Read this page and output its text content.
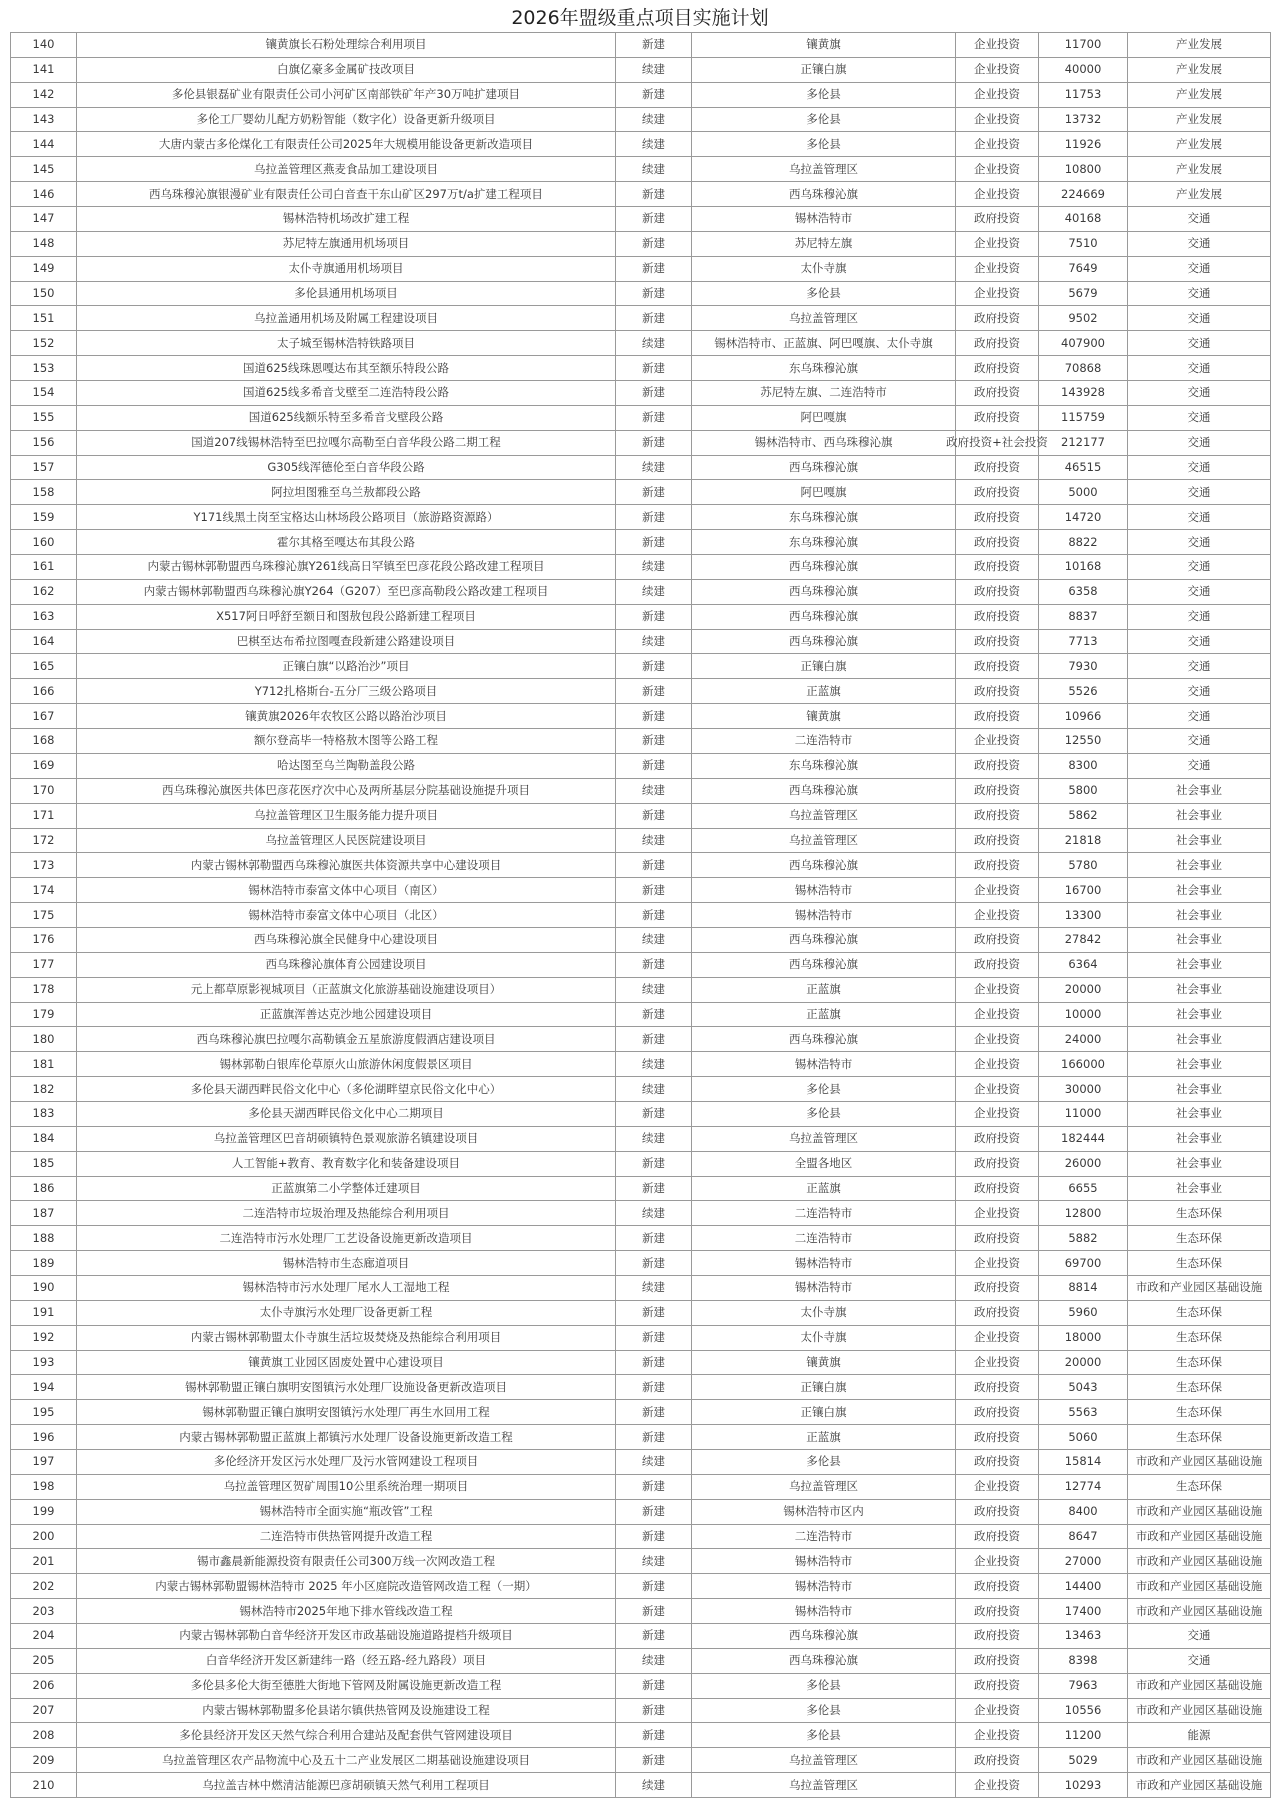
2026年盟级重点项目实施计划
140	镶黄旗长石粉处理综合利用项目	新建	镶黄旗	企业投资	11700	产业发展
141	白旗亿豪多金属矿技改项目	续建	正镶白旗	企业投资	40000	产业发展
142	多伦县银磊矿业有限责任公司小河矿区南部铁矿年产30万吨扩建项目	新建	多伦县	企业投资	11753	产业发展
143	多伦工厂婴幼儿配方奶粉智能（数字化）设备更新升级项目	续建	多伦县	企业投资	13732	产业发展
144	大唐内蒙古多伦煤化工有限责任公司2025年大规模用能设备更新改造项目	续建	多伦县	企业投资	11926	产业发展
145	乌拉盖管理区燕麦食品加工建设项目	续建	乌拉盖管理区	企业投资	10800	产业发展
146	西乌珠穆沁旗银漫矿业有限责任公司白音查干东山矿区297万t/a扩建工程项目	新建	西乌珠穆沁旗	企业投资	224669	产业发展
147	锡林浩特机场改扩建工程	新建	锡林浩特市	政府投资	40168	交通
148	苏尼特左旗通用机场项目	新建	苏尼特左旗	企业投资	7510	交通
149	太仆寺旗通用机场项目	新建	太仆寺旗	企业投资	7649	交通
150	多伦县通用机场项目	新建	多伦县	企业投资	5679	交通
151	乌拉盖通用机场及附属工程建设项目	新建	乌拉盖管理区	政府投资	9502	交通
152	太子城至锡林浩特铁路项目	续建	锡林浩特市、正蓝旗、阿巴嘎旗、太仆寺旗	政府投资	407900	交通
153	国道625线珠恩嘎达布其至额乐特段公路	新建	东乌珠穆沁旗	政府投资	70868	交通
154	国道625线多希音戈壁至二连浩特段公路	新建	苏尼特左旗、二连浩特市	政府投资	143928	交通
155	国道625线额乐特至多希音戈壁段公路	新建	阿巴嘎旗	政府投资	115759	交通
156	国道207线锡林浩特至巴拉嘎尔高勒至白音华段公路二期工程	新建	锡林浩特市、西乌珠穆沁旗	政府投资+社会投资	212177	交通
157	G305线浑德伦至白音华段公路	续建	西乌珠穆沁旗	政府投资	46515	交通
158	阿拉坦图雅至乌兰敖都段公路	新建	阿巴嘎旗	政府投资	5000	交通
159	Y171线黑土岗至宝格达山林场段公路项目（旅游路资源路）	新建	东乌珠穆沁旗	政府投资	14720	交通
160	霍尔其格至嘎达布其段公路	新建	东乌珠穆沁旗	政府投资	8822	交通
161	内蒙古锡林郭勒盟西乌珠穆沁旗Y261线高日罕镇至巴彦花段公路改建工程项目	续建	西乌珠穆沁旗	政府投资	10168	交通
162	内蒙古锡林郭勒盟西乌珠穆沁旗Y264（G207）至巴彦高勒段公路改建工程项目	续建	西乌珠穆沁旗	政府投资	6358	交通
163	X517阿日呼舒至额日和图敖包段公路新建工程项目	新建	西乌珠穆沁旗	政府投资	8837	交通
164	巴棋至达布希拉图嘎查段新建公路建设项目	续建	西乌珠穆沁旗	政府投资	7713	交通
165	正镶白旗“以路治沙”项目	新建	正镶白旗	政府投资	7930	交通
166	Y712扎格斯台-五分厂三级公路项目	新建	正蓝旗	政府投资	5526	交通
167	镶黄旗2026年农牧区公路以路治沙项目	新建	镶黄旗	政府投资	10966	交通
168	额尔登高毕一特格敖木图等公路工程	新建	二连浩特市	企业投资	12550	交通
169	哈达图至乌兰陶勒盖段公路	新建	东乌珠穆沁旗	政府投资	8300	交通
170	西乌珠穆沁旗医共体巴彦花医疗次中心及两所基层分院基础设施提升项目	续建	西乌珠穆沁旗	政府投资	5800	社会事业
171	乌拉盖管理区卫生服务能力提升项目	新建	乌拉盖管理区	政府投资	5862	社会事业
172	乌拉盖管理区人民医院建设项目	续建	乌拉盖管理区	政府投资	21818	社会事业
173	内蒙古锡林郭勒盟西乌珠穆沁旗医共体资源共享中心建设项目	新建	西乌珠穆沁旗	政府投资	5780	社会事业
174	锡林浩特市泰富文体中心项目（南区）	新建	锡林浩特市	企业投资	16700	社会事业
175	锡林浩特市泰富文体中心项目（北区）	新建	锡林浩特市	企业投资	13300	社会事业
176	西乌珠穆沁旗全民健身中心建设项目	续建	西乌珠穆沁旗	政府投资	27842	社会事业
177	西乌珠穆沁旗体育公园建设项目	新建	西乌珠穆沁旗	政府投资	6364	社会事业
178	元上都草原影视城项目（正蓝旗文化旅游基础设施建设项目）	续建	正蓝旗	企业投资	20000	社会事业
179	正蓝旗浑善达克沙地公园建设项目	新建	正蓝旗	企业投资	10000	社会事业
180	西乌珠穆沁旗巴拉嘎尔高勒镇金五星旅游度假酒店建设项目	新建	西乌珠穆沁旗	企业投资	24000	社会事业
181	锡林郭勒白银库伦草原火山旅游休闲度假景区项目	续建	锡林浩特市	企业投资	166000	社会事业
182	多伦县天湖西畔民俗文化中心（多伦湖畔望京民俗文化中心）	续建	多伦县	企业投资	30000	社会事业
183	多伦县天湖西畔民俗文化中心二期项目	新建	多伦县	企业投资	11000	社会事业
184	乌拉盖管理区巴音胡硕镇特色景观旅游名镇建设项目	续建	乌拉盖管理区	政府投资	182444	社会事业
185	人工智能+教育、教育数字化和装备建设项目	新建	全盟各地区	政府投资	26000	社会事业
186	正蓝旗第二小学整体迁建项目	新建	正蓝旗	政府投资	6655	社会事业
187	二连浩特市垃圾治理及热能综合利用项目	续建	二连浩特市	企业投资	12800	生态环保
188	二连浩特市污水处理厂工艺设备设施更新改造项目	新建	二连浩特市	政府投资	5882	生态环保
189	锡林浩特市生态廊道项目	新建	锡林浩特市	企业投资	69700	生态环保
190	锡林浩特市污水处理厂尾水人工湿地工程	续建	锡林浩特市	政府投资	8814	市政和产业园区基础设施
191	太仆寺旗污水处理厂设备更新工程	新建	太仆寺旗	政府投资	5960	生态环保
192	内蒙古锡林郭勒盟太仆寺旗生活垃圾焚烧及热能综合利用项目	新建	太仆寺旗	企业投资	18000	生态环保
193	镶黄旗工业园区固废处置中心建设项目	新建	镶黄旗	企业投资	20000	生态环保
194	锡林郭勒盟正镶白旗明安图镇污水处理厂设施设备更新改造项目	新建	正镶白旗	政府投资	5043	生态环保
195	锡林郭勒盟正镶白旗明安图镇污水处理厂再生水回用工程	新建	正镶白旗	政府投资	5563	生态环保
196	内蒙古锡林郭勒盟正蓝旗上都镇污水处理厂设备设施更新改造工程	新建	正蓝旗	政府投资	5060	生态环保
197	多伦经济开发区污水处理厂及污水管网建设工程项目	续建	多伦县	政府投资	15814	市政和产业园区基础设施
198	乌拉盖管理区贺矿周围10公里系统治理一期项目	新建	乌拉盖管理区	企业投资	12774	生态环保
199	锡林浩特市全面实施“瓶改管”工程	新建	锡林浩特市区内	政府投资	8400	市政和产业园区基础设施
200	二连浩特市供热管网提升改造工程	新建	二连浩特市	政府投资	8647	市政和产业园区基础设施
201	锡市鑫晨新能源投资有限责任公司300万线一次网改造工程	续建	锡林浩特市	企业投资	27000	市政和产业园区基础设施
202	内蒙古锡林郭勒盟锡林浩特市 2025 年小区庭院改造管网改造工程（一期）	新建	锡林浩特市	政府投资	14400	市政和产业园区基础设施
203	锡林浩特市2025年地下排水管线改造工程	新建	锡林浩特市	政府投资	17400	市政和产业园区基础设施
204	内蒙古锡林郭勒白音华经济开发区市政基础设施道路提档升级项目	新建	西乌珠穆沁旗	政府投资	13463	交通
205	白音华经济开发区新建纬一路（经五路-经九路段）项目	续建	西乌珠穆沁旗	政府投资	8398	交通
206	多伦县多伦大街至德胜大街地下管网及附属设施更新改造工程	新建	多伦县	政府投资	7963	市政和产业园区基础设施
207	内蒙古锡林郭勒盟多伦县诺尔镇供热管网及设施建设工程	新建	多伦县	企业投资	10556	市政和产业园区基础设施
208	多伦县经济开发区天然气综合利用合建站及配套供气管网建设项目	新建	多伦县	企业投资	11200	能源
209	乌拉盖管理区农产品物流中心及五十二产业发展区二期基础设施建设项目	新建	乌拉盖管理区	政府投资	5029	市政和产业园区基础设施
210	乌拉盖吉林中燃清洁能源巴彦胡硕镇天然气利用工程项目	续建	乌拉盖管理区	企业投资	10293	市政和产业园区基础设施
